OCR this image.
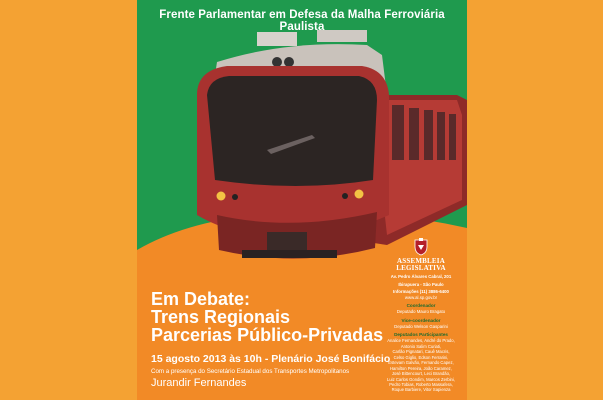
Frente Parlamentar em Defesa da Malha Ferroviária Paulista
Em Debate:
Trens Regionais
Parcerias Público-Privadas
15 agosto 2013 às 10h - Plenário José Bonifácio
Com a presença do Secretário Estadual dos Transportes Metropolitanos
Jurandir Fernandes
ASSEMBLEIA
LEGISLATIVA
Av. Pedro Álvares Cabral, 201
Ibirapuera - São Paulo
Informações (11) 3886-6400
www.al.sp.gov.br
Coordenador
Deputado Mauro Bragato
Vice-coordenador
Deputado Welson Gasparini
Deputados Participantes
Analice Fernandes, André do Prado,
Antonio Salim Curiati,
Carlão Pignatari, Cauê Macris,
Celso Giglio, Edson Ferrarini,
Estevam Galvão, Fernando Capez,
Hamilton Pereira, João Caramez,
José Bittencourt, Leci Brandão,
Luiz Carlos Gondim, Marcos Zerbini,
Pedro Tobias, Roberto Massafera,
Roque Barbiere, Vitor Sapienza
